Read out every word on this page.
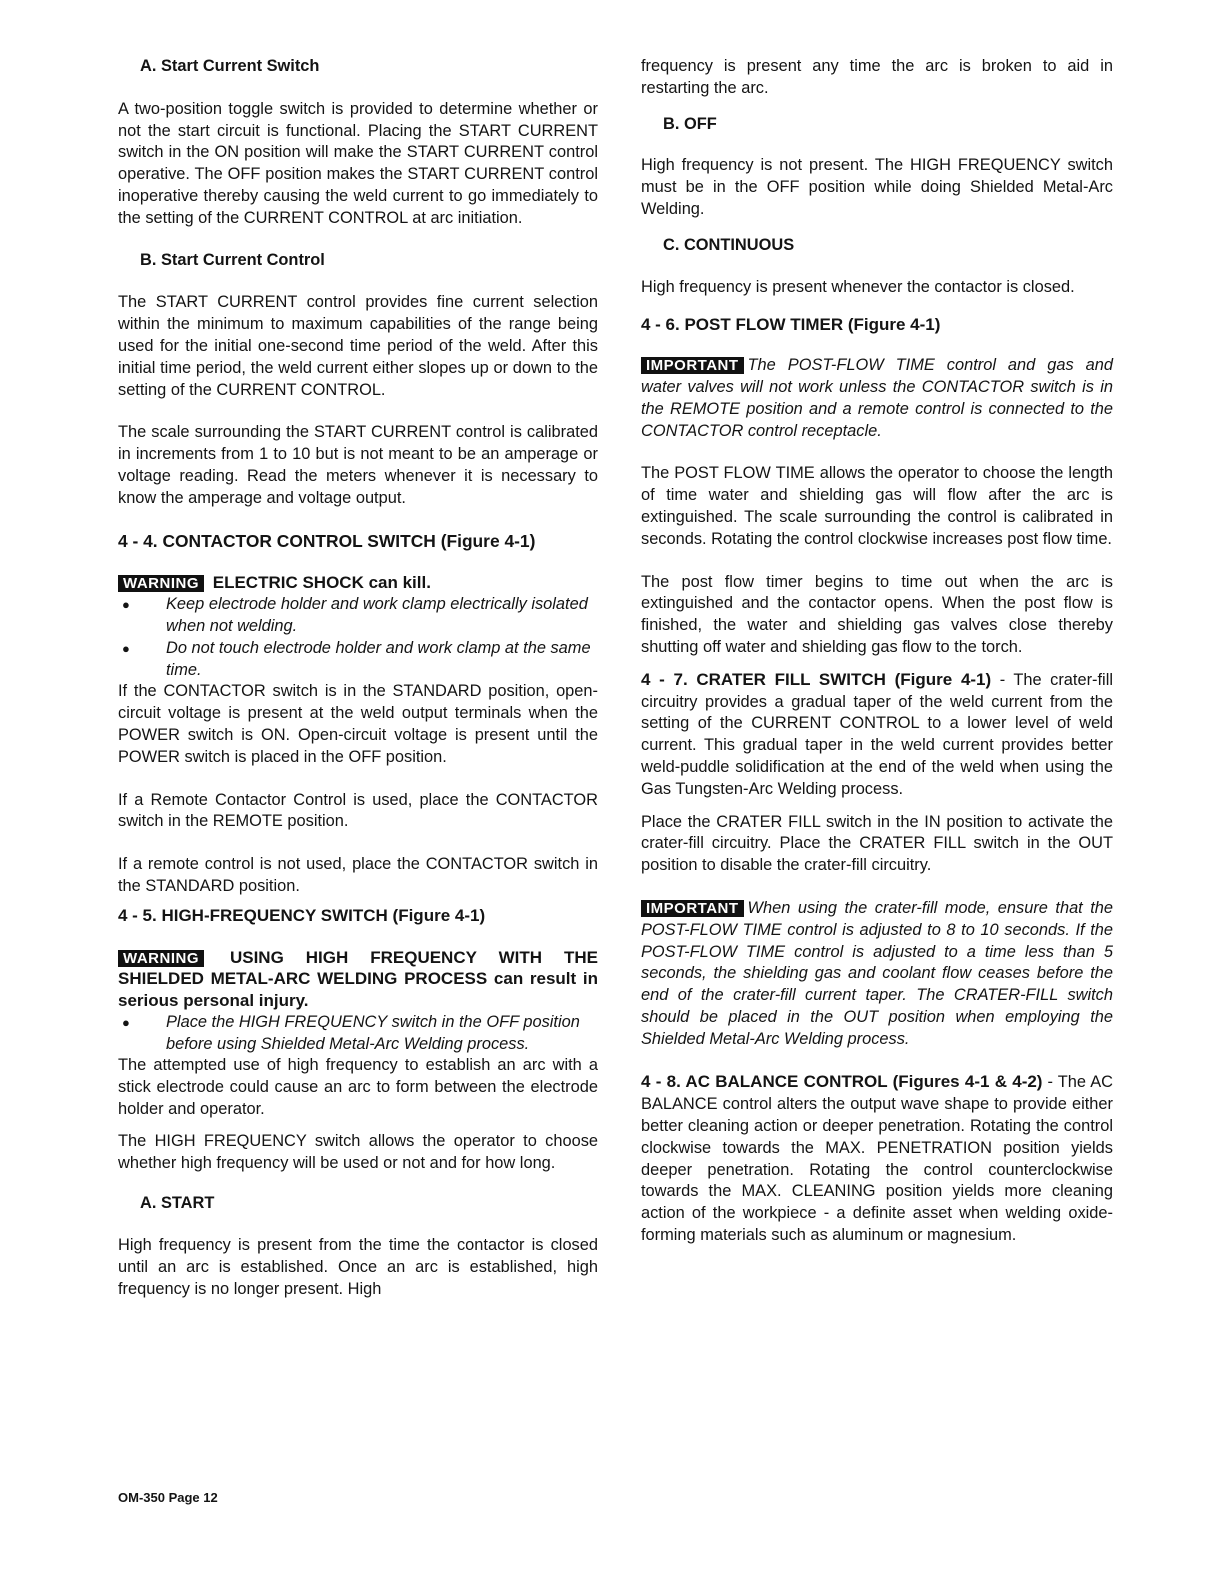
A. Start Current Switch

A two-position toggle switch is provided to determine whether or not the start circuit is functional. Placing the START CURRENT switch in the ON position will make the START CURRENT control operative. The OFF position makes the START CURRENT control inoperative thereby causing the weld current to go immediately to the setting of the CURRENT CONTROL at arc initiation.

B. Start Current Control

The START CURRENT control provides fine current selection within the minimum to maximum capabilities of the range being used for the initial one-second time period of the weld. After this initial time period, the weld current either slopes up or down to the setting of the CURRENT CONTROL.

The scale surrounding the START CURRENT control is calibrated in increments from 1 to 10 but is not meant to be an amperage or voltage reading. Read the meters whenever it is necessary to know the amperage and voltage output.

4 - 4. CONTACTOR CONTROL SWITCH (Figure 4-1)
WARNING ELECTRIC SHOCK can kill.
● Keep electrode holder and work clamp electrically isolated when not welding.
● Do not touch electrode holder and work clamp at the same time.

If the CONTACTOR switch is in the STANDARD position, open-circuit voltage is present at the weld output terminals when the POWER switch is ON. Open-circuit voltage is present until the POWER switch is placed in the OFF position.

If a Remote Contactor Control is used, place the CONTACTOR switch in the REMOTE position.

If a remote control is not used, place the CONTACTOR switch in the STANDARD position.

4 - 5. HIGH-FREQUENCY SWITCH (Figure 4-1)
WARNING USING HIGH FREQUENCY WITH THE SHIELDED METAL-ARC WELDING PROCESS can result in serious personal injury.
● Place the HIGH FREQUENCY switch in the OFF position before using Shielded Metal-Arc Welding process.

The attempted use of high frequency to establish an arc with a stick electrode could cause an arc to form between the electrode holder and operator.

The HIGH FREQUENCY switch allows the operator to choose whether high frequency will be used or not and for how long.

A. START

High frequency is present from the time the contactor is closed until an arc is established. Once an arc is established, high frequency is no longer present. High

frequency is present any time the arc is broken to aid in restarting the arc.

B. OFF

High frequency is not present. The HIGH FREQUENCY switch must be in the OFF position while doing Shielded Metal-Arc Welding.

C. CONTINUOUS

High frequency is present whenever the contactor is closed.

4 - 6. POST FLOW TIMER (Figure 4-1)

IMPORTANT The POST-FLOW TIME control and gas and water valves will not work unless the CONTACTOR switch is in the REMOTE position and a remote control is connected to the CONTACTOR control receptacle.

The POST FLOW TIME allows the operator to choose the length of time water and shielding gas will flow after the arc is extinguished. The scale surrounding the control is calibrated in seconds. Rotating the control clockwise increases post flow time.

The post flow timer begins to time out when the arc is extinguished and the contactor opens. When the post flow is finished, the water and shielding gas valves close thereby shutting off water and shielding gas flow to the torch.

4 - 7. CRATER FILL SWITCH (Figure 4-1) - The crater-fill circuitry provides a gradual taper of the weld current from the setting of the CURRENT CONTROL to a lower level of weld current. This gradual taper in the weld current provides better weld-puddle solidification at the end of the weld when using the Gas Tungsten-Arc Welding process.

Place the CRATER FILL switch in the IN position to activate the crater-fill circuitry. Place the CRATER FILL switch in the OUT position to disable the crater-fill circuitry.

IMPORTANT When using the crater-fill mode, ensure that the POST-FLOW TIME control is adjusted to 8 to 10 seconds. If the POST-FLOW TIME control is adjusted to a time less than 5 seconds, the shielding gas and coolant flow ceases before the end of the crater-fill current taper. The CRATER-FILL switch should be placed in the OUT position when employing the Shielded Metal-Arc Welding process.

4 - 8. AC BALANCE CONTROL (Figures 4-1 & 4-2) - The AC BALANCE control alters the output wave shape to provide either better cleaning action or deeper penetration. Rotating the control clockwise towards the MAX. PENETRATION position yields deeper penetration. Rotating the control counterclockwise towards the MAX. CLEANING position yields more cleaning action of the workpiece - a definite asset when welding oxide-forming materials such as aluminum or magnesium.

OM-350 Page 12
